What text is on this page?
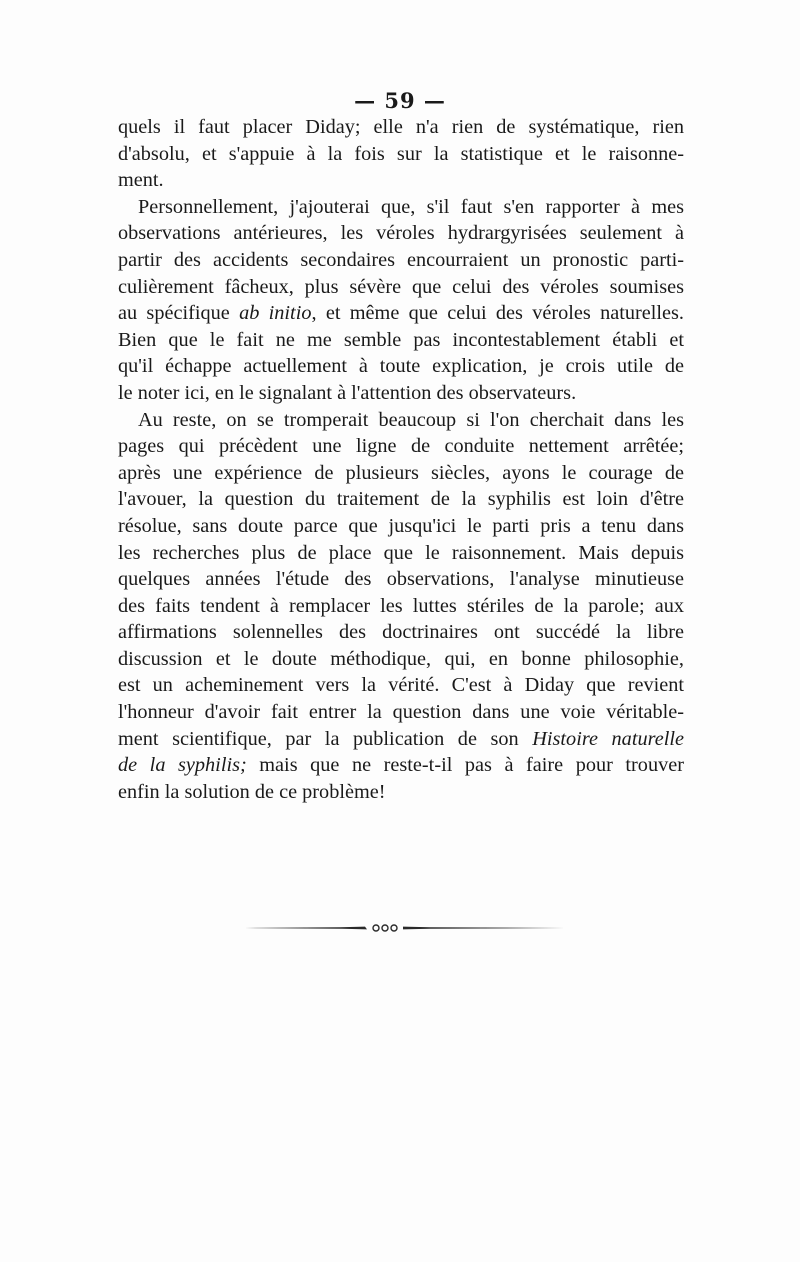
— 59 —
quels il faut placer Diday; elle n'a rien de systématique, rien
d'absolu, et s'appuie à la fois sur la statistique et le raisonne-
ment.
Personnellement, j'ajouterai que, s'il faut s'en rapporter à mes
observations antérieures, les véroles hydrargyrisées seulement à
partir des accidents secondaires encourraient un pronostic parti-
culièrement fâcheux, plus sévère que celui des véroles soumises
au spécifique ab initio, et même que celui des véroles naturelles.
Bien que le fait ne me semble pas incontestablement établi et
qu'il échappe actuellement à toute explication, je crois utile de
le noter ici, en le signalant à l'attention des observateurs.
Au reste, on se tromperait beaucoup si l'on cherchait dans les
pages qui précèdent une ligne de conduite nettement arrêtée;
après une expérience de plusieurs siècles, ayons le courage de
l'avouer, la question du traitement de la syphilis est loin d'être
résolue, sans doute parce que jusqu'ici le parti pris a tenu dans
les recherches plus de place que le raisonnement. Mais depuis
quelques années l'étude des observations, l'analyse minutieuse
des faits tendent à remplacer les luttes stériles de la parole; aux
affirmations solennelles des doctrinaires ont succédé la libre
discussion et le doute méthodique, qui, en bonne philosophie,
est un acheminement vers la vérité. C'est à Diday que revient
l'honneur d'avoir fait entrer la question dans une voie véritable-
ment scientifique, par la publication de son Histoire naturelle
de la syphilis; mais que ne reste-t-il pas à faire pour trouver
enfin la solution de ce problème!
